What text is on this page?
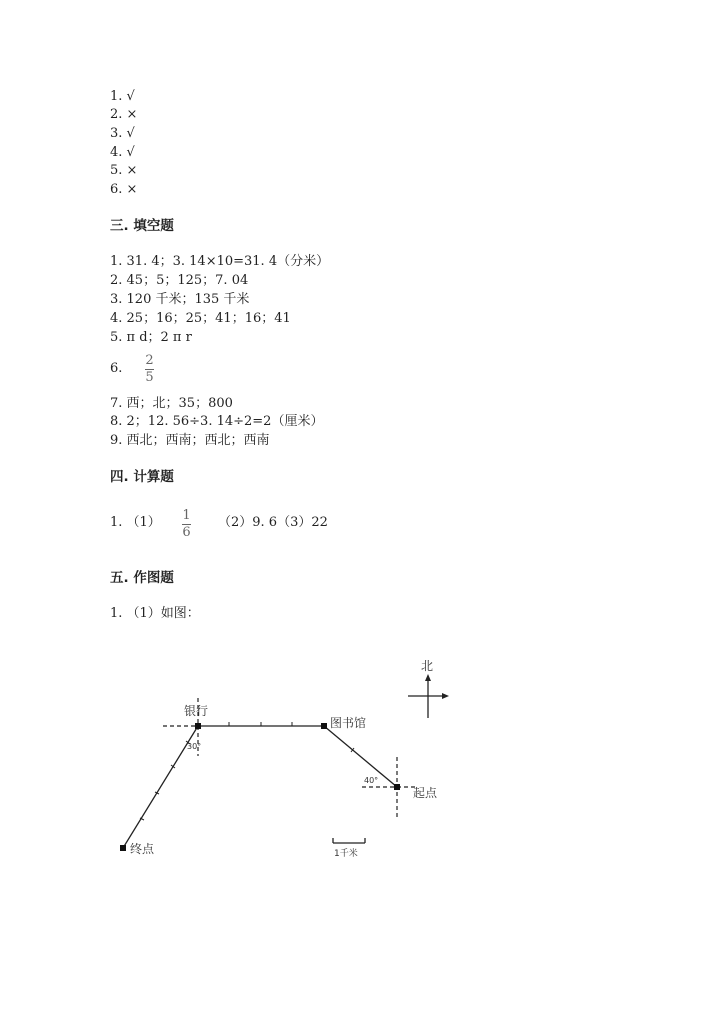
1. √
2. ×
3. √
4. √
5. ×
6. ×
三. 填空题
1. 31. 4；3. 14×10=31. 4（分米）
2. 45；5；125；7. 04
3. 120 千米；135 千米
4. 25；16；25；41；16；41
5. π d；2 π r
6.
2
5
7. 西；北；35；800
8. 2；12. 56÷3. 14÷2=2（厘米）
9. 西北；西南；西北；西南
四. 计算题
1. （1） 1
6
（2）9. 6（3）22
五. 作图题
1. （1）如图：
北
银行
图书馆
起点
终点
30°
40°
1千米
